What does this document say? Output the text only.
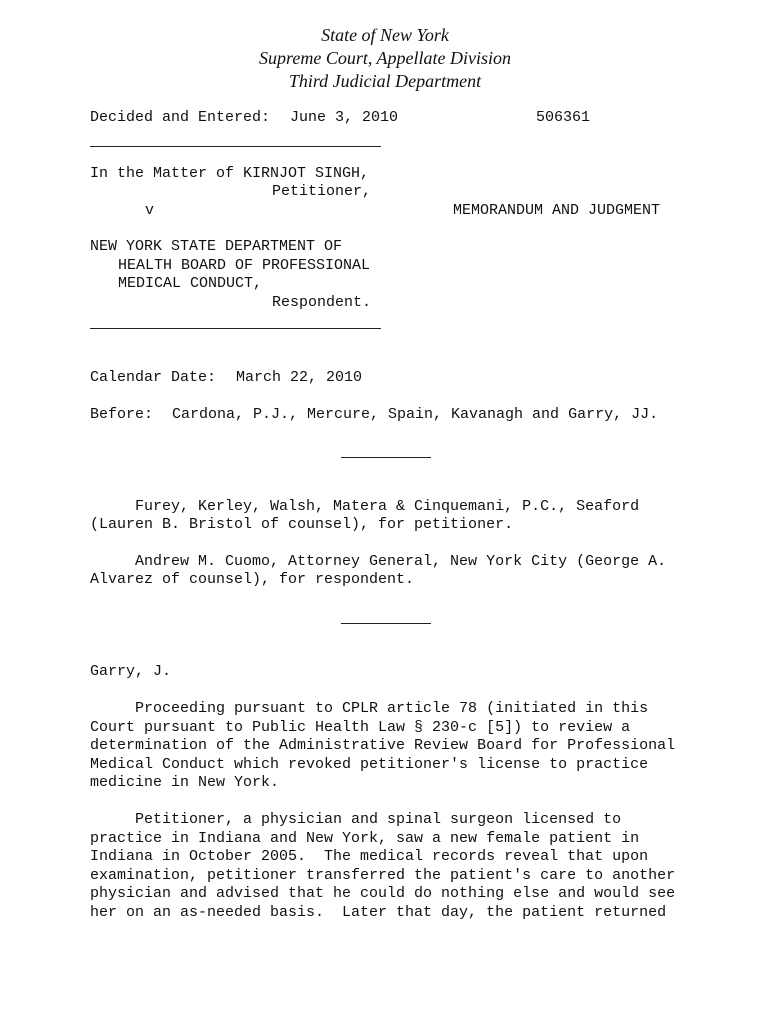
State of New York
Supreme Court, Appellate Division
Third Judicial Department
Decided and Entered: June 3, 2010	506361
In the Matter of KIRNJOT SINGH,
Petitioner,
v	MEMORANDUM AND JUDGMENT
NEW YORK STATE DEPARTMENT OF
HEALTH BOARD OF PROFESSIONAL
MEDICAL CONDUCT,
Respondent.
Calendar Date: March 22, 2010
Before: Cardona, P.J., Mercure, Spain, Kavanagh and Garry, JJ.
Furey, Kerley, Walsh, Matera & Cinquemani, P.C., Seaford
(Lauren B. Bristol of counsel), for petitioner.
Andrew M. Cuomo, Attorney General, New York City (George A.
Alvarez of counsel), for respondent.
Garry, J.
Proceeding pursuant to CPLR article 78 (initiated in this
Court pursuant to Public Health Law § 230-c [5]) to review a
determination of the Administrative Review Board for Professional
Medical Conduct which revoked petitioner's license to practice
medicine in New York.
Petitioner, a physician and spinal surgeon licensed to
practice in Indiana and New York, saw a new female patient in
Indiana in October 2005.  The medical records reveal that upon
examination, petitioner transferred the patient's care to another
physician and advised that he could do nothing else and would see
her on an as-needed basis.  Later that day, the patient returned
